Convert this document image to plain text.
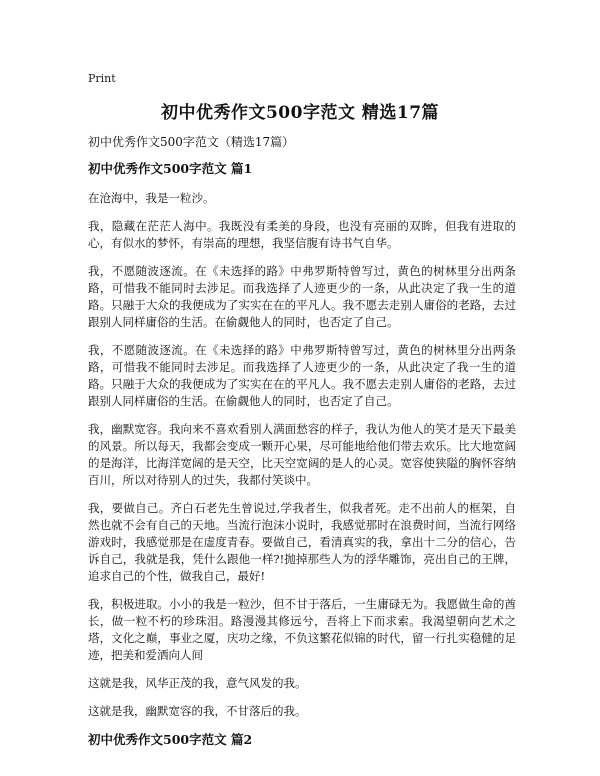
Print
初中优秀作文500字范文 精选17篇
初中优秀作文500字范文（精选17篇）
初中优秀作文500字范文 篇1

在沧海中，我是一粒沙。

我，隐藏在茫茫人海中。我既没有柔美的身段，也没有亮丽的双眸，但我有进取的心，有似水的梦怀，有崇高的理想，我坚信腹有诗书气自华。

我，不愿随波逐流。在《未选择的路》中弗罗斯特曾写过，黄色的树林里分出两条路，可惜我不能同时去涉足。而我选择了人迹更少的一条，从此决定了我一生的道路。只融于大众的我便成为了实实在在的平凡人。我不愿去走别人庸俗的老路，去过跟别人同样庸俗的生活。在偷觑他人的同时，也否定了自己。

我，不愿随波逐流。在《未选择的路》中弗罗斯特曾写过，黄色的树林里分出两条路，可惜我不能同时去涉足。而我选择了人迹更少的一条，从此决定了我一生的道路。只融于大众的我便成为了实实在在的平凡人。我不愿去走别人庸俗的老路，去过跟别人同样庸俗的生活。在偷觑他人的同时，也否定了自己。

我，幽默宽容。我向来不喜欢看别人满面愁容的样子，我认为他人的笑才是天下最美的风景。所以每天，我都会变成一颗开心果，尽可能地给他们带去欢乐。比大地宽阔的是海洋，比海洋宽阔的是天空，比天空宽阔的是人的心灵。宽容使狭隘的胸怀容纳百川，所以对待别人的过失，我都付笑谈中。

我，要做自己。齐白石老先生曾说过,学我者生，似我者死。走不出前人的框架，自然也就不会有自己的天地。当流行泡沫小说时，我感觉那时在浪费时间，当流行网络游戏时，我感觉那是在虚度青春。要做自己，看清真实的我，拿出十二分的信心，告诉自己，我就是我，凭什么跟他一样?!抛掉那些人为的浮华雕饰，亮出自己的王牌，追求自己的个性，做我自己，最好!

我，积极进取。小小的我是一粒沙，但不甘于落后，一生庸碌无为。我愿做生命的酋长，做一粒不朽的珍珠泪。路漫漫其修远兮，吾将上下而求索。我渴望朝向艺术之塔，文化之巅，事业之厦，庆功之缘，不负这繁花似锦的时代，留一行扎实稳健的足迹，把美和爱洒向人间

这就是我，风华正茂的我，意气风发的我。

这就是我，幽默宽容的我，不甘落后的我。

初中优秀作文500字范文 篇2
